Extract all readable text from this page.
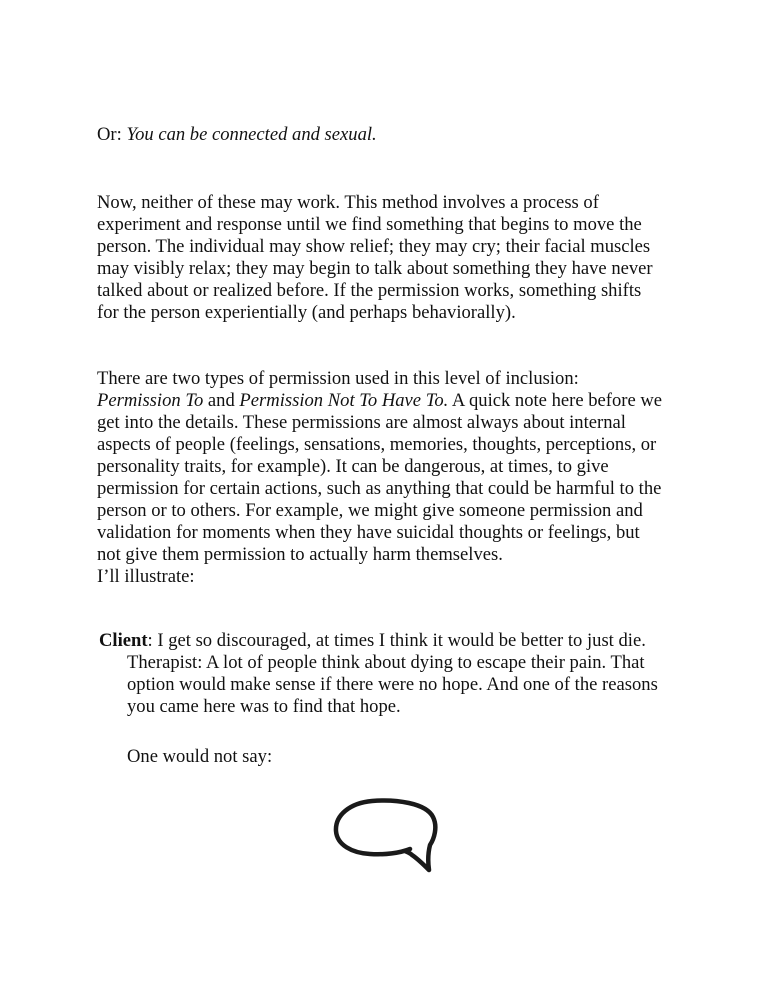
Or: You can be connected and sexual.

Now, neither of these may work. This method involves a process of
experiment and response until we find something that begins to move the
person. The individual may show relief; they may cry; their facial muscles
may visibly relax; they may begin to talk about something they have never
talked about or realized before. If the permission works, something shifts
for the person experientially (and perhaps behaviorally).
There are two types of permission used in this level of inclusion:
Permission To and Permission Not To Have To. A quick note here before we
get into the details. These permissions are almost always about internal
aspects of people (feelings, sensations, memories, thoughts, perceptions, or
personality traits, for example). It can be dangerous, at times, to give
permission for certain actions, such as anything that could be harmful to the
person or to others. For example, we might give someone permission and
validation for moments when they have suicidal thoughts or feelings, but
not give them permission to actually harm themselves.
I’ll illustrate:
Client: I get so discouraged, at times I think it would be better to just die.
Therapist: A lot of people think about dying to escape their pain. That
option would make sense if there were no hope. And one of the reasons
you came here was to find that hope.

One would not say:
